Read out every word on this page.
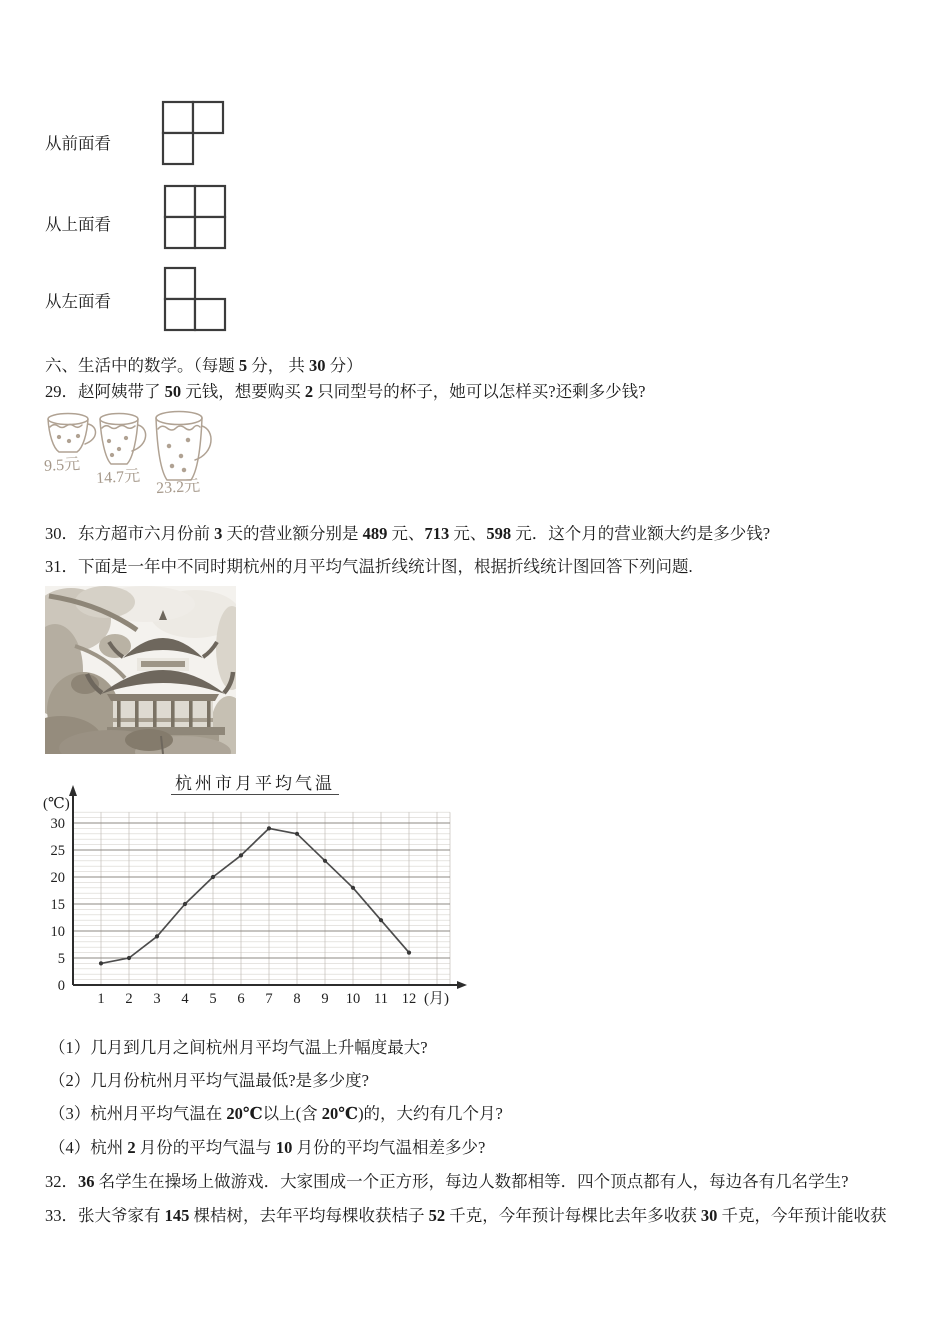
从前面看
从上面看
从左面看
六、生活中的数学。（每题 5 分， 共 30 分）
29．赵阿姨带了 50 元钱，想要购买 2 只同型号的杯子，她可以怎样买?还剩多少钱?
9.5元
14.7元
23.2元
30．东方超市六月份前 3 天的营业额分别是 489 元、713 元、598 元．这个月的营业额大约是多少钱?
31．下面是一年中不同时期杭州的月平均气温折线统计图，根据折线统计图回答下列问题.
杭州市月平均气温
0
5
10
15
20
25
30
1 2 3 4 5 6 7 8 9 10 11 12
(℃)
(月)
（1）几月到几月之间杭州月平均气温上升幅度最大?
（2）几月份杭州月平均气温最低?是多少度?
（3）杭州月平均气温在 20℃以上(含 20℃)的，大约有几个月?
（4）杭州 2 月份的平均气温与 10 月份的平均气温相差多少?
32．36 名学生在操场上做游戏．大家围成一个正方形，每边人数都相等．四个顶点都有人，每边各有几名学生?
33．张大爷家有 145 棵桔树，去年平均每棵收获桔子 52 千克，今年预计每棵比去年多收获 30 千克，今年预计能收获
